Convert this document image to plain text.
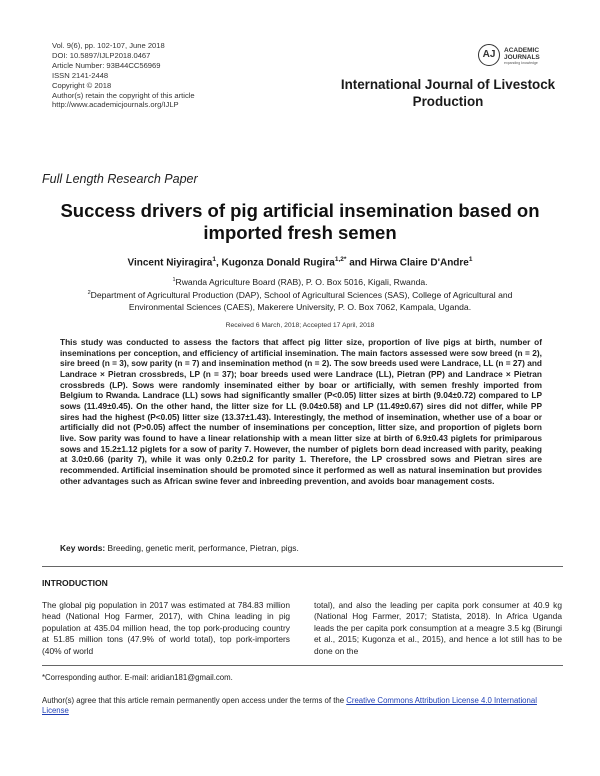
Vol. 9(6), pp. 102-107, June 2018
DOI: 10.5897/IJLP2018.0467
Article Number: 93B44CC56969
ISSN 2141-2448
Copyright © 2018
Author(s) retain the copyright of this article
http://www.academicjournals.org/IJLP
AJ	ACADEMIC
JOURNALS
expanding knowledge
International Journal of Livestock
Production
Full Length Research Paper
Success drivers of pig artificial insemination based on imported fresh semen
Vincent Niyiragira$^1$, Kugonza Donald Rugira$^{1,2*}$ and Hirwa Claire D'Andre$^1$
$^1$Rwanda Agriculture Board (RAB), P. O. Box 5016, Kigali, Rwanda.
$^2$Department of Agricultural Production (DAP), School of Agricultural Sciences (SAS), College of Agricultural and Environmental Sciences (CAES), Makerere University, P. O. Box 7062, Kampala, Uganda.
Received 6 March, 2018; Accepted 17 April, 2018
This study was conducted to assess the factors that affect pig litter size, proportion of live pigs at birth, number of inseminations per conception, and efficiency of artificial insemination. The main factors assessed were sow breed (n = 2), sire breed (n = 3), sow parity (n = 7) and insemination method (n = 2). The sow breeds used were Landrace, LL (n = 27) and Landrace × Pietran crossbreds, LP (n = 37); boar breeds used were Landrace (LL), Pietran (PP) and Landrace × Pietran crossbreds (LP). Sows were randomly inseminated either by boar or artificially, with semen freshly imported from Belgium to Rwanda. Landrace (LL) sows had significantly smaller (P<0.05) litter sizes at birth (9.04±0.72) compared to LP sows (11.49±0.45). On the other hand, the litter size for LL (9.04±0.58) and LP (11.49±0.67) sires did not differ, while PP sires had the highest (P<0.05) litter size (13.37±1.43). Interestingly, the method of insemination, whether use of a boar or artificially did not (P>0.05) affect the number of inseminations per conception, litter size, and proportion of piglets born live. Sow parity was found to have a linear relationship with a mean litter size at birth of 6.9±0.43 piglets for primiparous sows and 15.2±1.12 piglets for a sow of parity 7. However, the number of piglets born dead increased with parity, peaking at 3.0±0.66 (parity 7), while it was only 0.2±0.2 for parity 1. Therefore, the LP crossbred sows and Pietran sires are recommended. Artificial insemination should be promoted since it performed as well as natural insemination but provides other advantages such as African swine fever and inbreeding prevention, and avoids boar management costs.
Key words: Breeding, genetic merit, performance, Pietran, pigs.
INTRODUCTION
The global pig population in 2017 was estimated at 784.83 million head (National Hog Farmer, 2017), with China leading in pig population at 435.04 million head, the top pork-producing country at 51.85 million tons (47.9% of world total), top pork-importers (40% of world
total), and also the leading per capita pork consumer at 40.9 kg (National Hog Farmer, 2017; Statista, 2018). In Africa Uganda leads the per capita pork consumption at a meagre 3.5 kg (Birungi et al., 2015; Kugonza et al., 2015), and hence a lot still has to be done on the
*Corresponding author. E-mail: aridian181@gmail.com.
Author(s) agree that this article remain permanently open access under the terms of the Creative Commons Attribution License 4.0 International License
